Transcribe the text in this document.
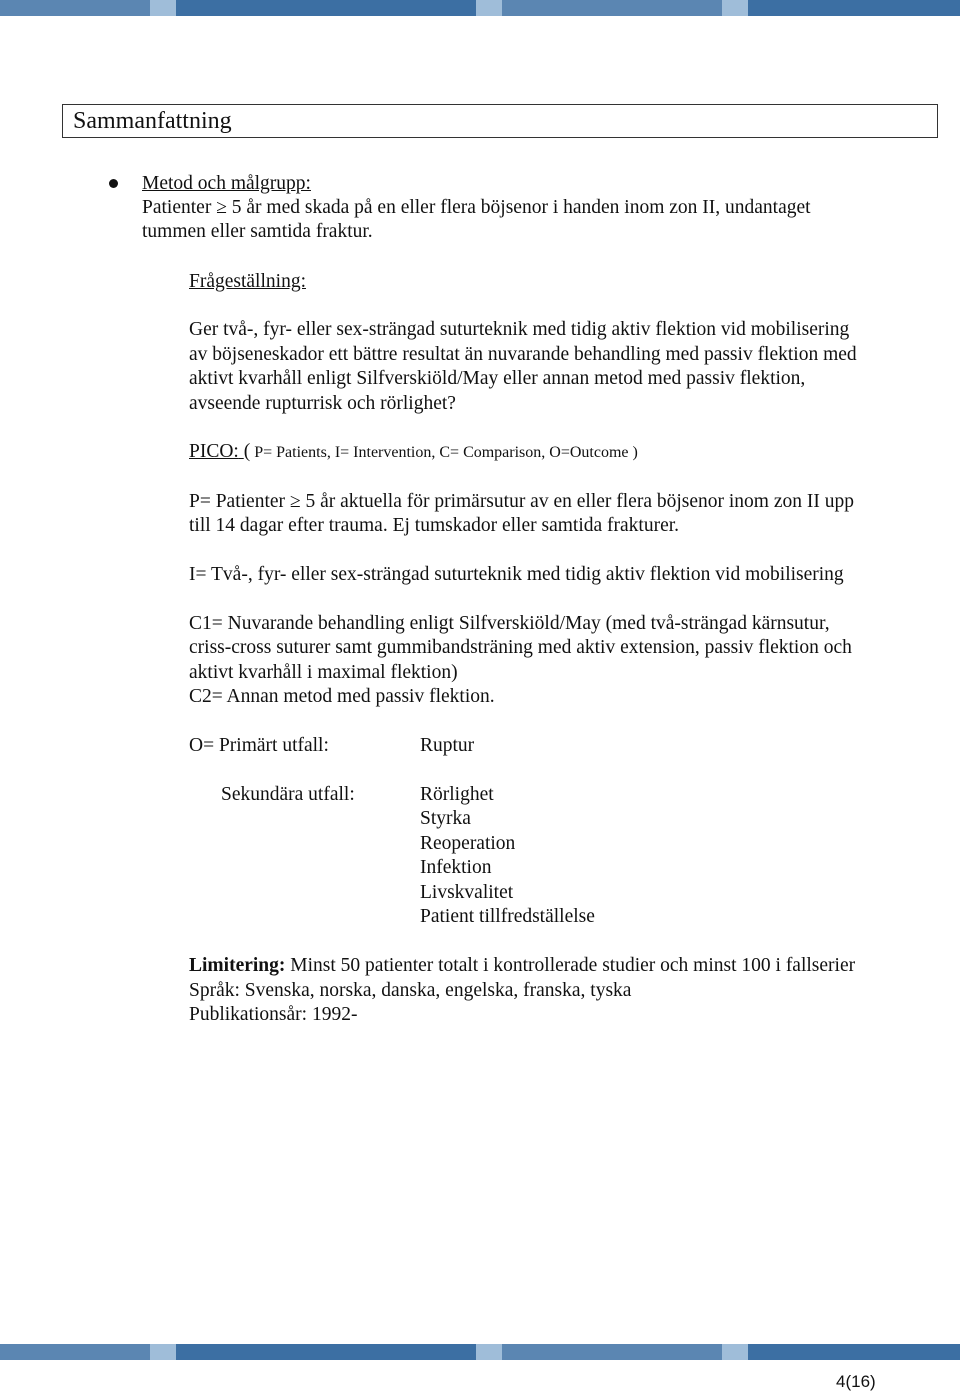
Sammanfattning
Metod och målgrupp:
Patienter ≥ 5 år med skada på en eller flera böjsenor i handen inom zon II, undantaget
tummen eller samtida fraktur.
Frågeställning:
Ger två-, fyr- eller sex-strängad suturteknik med tidig aktiv flektion vid mobilisering
av böjseneskador ett bättre resultat än nuvarande behandling med passiv flektion med
aktivt kvarhåll enligt Silfverskiöld/May eller annan metod med passiv flektion,
avseende rupturrisk och rörlighet?
PICO: ( P= Patients, I= Intervention, C= Comparison, O=Outcome )
P= Patienter ≥ 5 år aktuella för primärsutur av en eller flera böjsenor inom zon II upp
till 14 dagar efter trauma. Ej tumskador eller samtida frakturer.
I= Två-, fyr- eller sex-strängad suturteknik med tidig aktiv flektion vid mobilisering
C1= Nuvarande behandling enligt Silfverskiöld/May (med två-strängad kärnsutur,
criss-cross suturer samt gummibandsträning med aktiv extension, passiv flektion och
aktivt kvarhåll i maximal flektion)
C2= Annan metod med passiv flektion.
O= Primärt utfall:	Ruptur
Sekundära utfall:	Rörlighet
Styrka
Reoperation
Infektion
Livskvalitet
Patient tillfredställelse
Limitering: Minst 50 patienter totalt i kontrollerade studier och minst 100 i fallserier
Språk: Svenska, norska, danska, engelska, franska, tyska
Publikationsår: 1992-
4(16)
